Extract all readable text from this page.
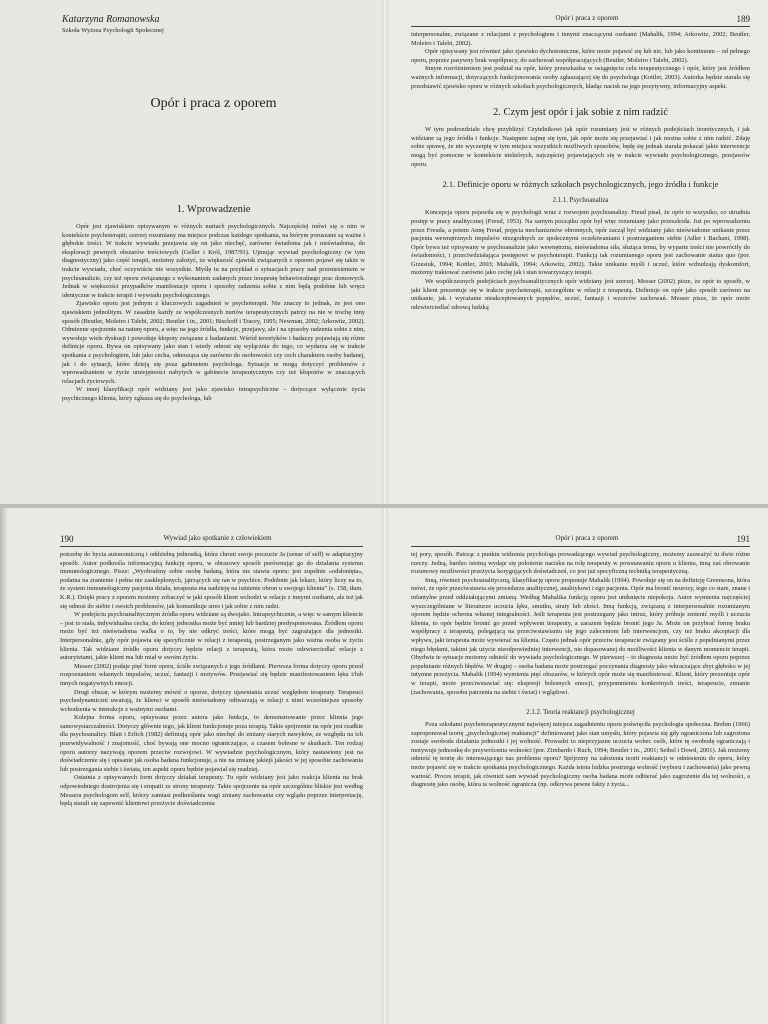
Katarzyna Romanowska
Szkoła Wyższa Psychologii Społecznej
Opór i praca z oporem
1. Wprowadzenie

Opór jest zjawiskiem opisywanym w różnych nurtach psychologicznych. Najczęściej mówi się o nim w kontekście psychoterapii; szerzej rozumiany ma miejsce podczas każdego spotkania, na którym poruszane są ważne i głębokie treści. W trakcie wywiadu przejawia się on jako niechęć, zarówno świadoma jak i nieświadoma, do eksploracji pewnych obszarów treściowych (Geller i Król, 1987/91). Ujmując wywiad psychologiczny (w tym diagnostyczny) jako część terapii, możemy założyć, że większość zjawisk związanych z oporem pojawi się także w trakcie wywiadu, choć oczywiście nie wszystkie. Myślę tu na przykład o sytuacjach pracy nad przeniesieniem w psychoanalizie, czy też oporu związanego z wykonaniem zadanych przez terapeutę behawioralnego prac domowych. Jednak w większości przypadków manifestacje oporu i sposoby radzenia sobie z nim będą podobne lub wręcz identyczne w trakcie terapii i wywiadu psychologicznego.

Zjawisko oporu jest jednym z kluczowych zagadnień w psychoterapii. Nie znaczy to jednak, że jest ono zjawiskiem jednolitym. W zasadzie każdy ze współczesnych nurtów terapeutycznych patrzy na nie w trochę inny sposób (Beutler, Moleiro i Talebi, 2002; Beutler i in., 2001; Bischoff i Tracey, 1995; Newman, 2002; Arkowitz, 2002). Odmienne spojrzenie na naturę oporu, a więc na jego źródła, funkcje, przejawy, ale i na sposoby radzenia sobie z nim, wywołuje wiele dyskusji i powoduje kłopoty związane z badaniami. Wśród teoretyków i badaczy pojawiają się różne definicje oporu. Bywa on opisywany jako stan i wtedy odnosi się wyłącznie do tego, co wydarza się w trakcie spotkania z psychologiem, lub jako cecha, odnosząca się zarówno do osobowości czy cech charakteru osoby badanej, jak i do sytuacji, które dzieją się poza gabinetem psychologa. Sytuacje te mogą dotyczyć problemów z wprowadzaniem w życie umiejętności nabytych w gabinecie terapeutycznym czy też kłopotów w znaczących relacjach życiowych.

W innej klasyfikacji opór widziany jest jako zjawisko intrapsychiczne – dotyczące wyłącznie życia psychicznego klienta, który zgłasza się do psychologa, lub

Opór i praca z oporem	189

interpersonalne, związane z relacjami z psychologiem i innymi znaczącymi osobami (Mahalik, 1994; Arkowitz, 2002; Beutler, Moleiro i Talebi, 2002).

Opór opisywany jest również jako zjawisko dychotomiczne, które może pojawić się lub nie, lub jako kontinuum – od pełnego oporu, poprzez pasywny brak współpracy, do zachowań współpracujących (Beutler, Moleiro i Talebi, 2002).

Innym rozróżnieniem jest podział na opór, który przeszkadza w osiągnięciu celu terapeutycznego i opór, który jest źródłem ważnych informacji, dotyczących funkcjonowania osoby zgłaszającej się do psychologa (Kottler, 2003). Autorka będzie starała się przedstawić zjawisko oporu w różnych szkołach psychologicznych, kładąc nacisk na jego pozytywny, informacyjny aspekt.

2. Czym jest opór i jak sobie z nim radzić

W tym podrozdziale chcę przybliżyć Czytelnikowi jak opór rozumiany jest w różnych podejściach teoretycznych, i jak widziane są jego źródła i funkcje. Następnie zajmę się tym, jak opór może się przejawiać i jak można sobie z nim radzić. Zdaję sobie sprawę, że nie wyczerpię w tym miejscu wszystkich możliwych sposobów, będę się jednak starała pokazać jakie interwencje mogą być pomocne w kontekście niektórych, najczęściej pojawiających się w trakcie wywiadu psychologicznego, przejawów oporu.

2.1. Definicje oporu w różnych szkołach psychologicznych, jego źródła i funkcje
2.1.1. Psychoanaliza

Koncepcja oporu pojawiła się w psychologii wraz z rozwojem psychoanalizy. Freud pisał, że opór to wszystko, co utrudnia postęp w pracy analitycznej (Freud, 1953). Na samym początku opór był więc rozumiany jako przeszkoda. Już po wprowadzeniu przez Freuda, a potem Annę Freud, pojęcia mechanizmów obronnych, opór zaczął być widziany jako nieświadome unikanie przez pacjenta wewnętrznych impulsów niezgodnych ze społecznymi oczekiwaniami i postrzeganiem siebie (Adler i Bachant, 1998). Opór bywa też opisywany w psychoanalizie jako wewnętrzna, nieświadoma siła, służąca temu, by wyparte treści nie powróciły do świadomości, i przeciwdziałająca postępowi w psychoterapii. Funkcją tak rozumianego oporu jest zachowanie status quo (por. Grzesiuk, 1994; Kottler, 2003; Mahalik, 1994; Arkowitz, 2002). Takie unikanie myśli i uczuć, które wzbudzają dyskomfort, możemy traktować zarówno jako cechę jak i stan towarzyszący terapii.

We współczesnych podejściach psychoanalitycznych opór widziany jest szerzej. Messer (2002) pisze, że opór to sposób, w jaki klient prezentuje się w trakcie psychoterapii, szczególnie w relacji z terapeutą. Definiuje on opór jako sposób zarówno na unikanie, jak i wyrażanie nieakceptowanych popędów, uczuć, fantazji i wzorców zachowań. Messer pisze, że opór może odzwierciedlać zdrową ludzką

190	Wywiad jako spotkanie z człowiekiem

potrzebę do bycia autonomiczną i oddzielną jednostką, która chroni swoje poczucie Ja (sense of self) w adaptacyjny sposób. Autor podkreśla informacyjną funkcję oporu, w obrazowy sposób porównując go do działania systemu immunologicznego. Pisze: „Wyobraźmy sobie osobę badaną, która nie stawia oporu: jest zupełnie «odsłonięta», podatna na zranienie i pełna nie zaskleplonych, jątrzących się ran w psychice. Podobnie jak lekarz, który liczy na to, że system immunologiczny pacjenta działa, terapeuta ma nadzieję na istnienie obron u swojego klienta” (s. 158, tłum. K.R.). Dzięki pracy z oporem możemy zobaczyć w jaki sposób klient wchodzi w relacje z innymi osobami, ale też jak się odnosi do siebie i swoich problemów, jak komunikuje stres i jak sobie z nim radzi.

W podejściu psychoanalitycznym źródła oporu widziane są dwojako. Intrapsychicznie, a więc w samym kliencie – jest to stała, indywidualna cecha, do której jednostka może być mniej lub bardziej predysponowana. Źródłem oporu może być też nieświadoma walka o to, by nie odkryć treści, które mogą być zagrażające dla jednostki. Interpersonalnie, gdy opór pojawia się specyficznie w relacji z terapeutą, postrzeganym jako ważna osoba w życiu klienta. Tak widziane źródło oporu dotyczy będzie relacji z terapeutą, która może odzwierciedlać relacje z autorytetami, jakie klient ma lub miał w swoim życiu.

Messer (2002) podaje pięć form oporu, ściśle związanych z jego źródłami. Pierwsza forma dotyczy oporu przed rozpoznaniem własnych impulsów, uczuć, fantazji i motywów. Przejawiać się będzie manifestowaniem lęku i/lub innych negatywnych emocji.

Drugi obszar, w którym możemy mówić o oporze, dotyczy ujawniania uczuć względem terapeuty. Terapeuci psychodynamiczni uważają, że klienci w sposób nieświadomy odtwarzają w relacji z nimi wcześniejsze sposoby wchodzenia w interakcje z ważnymi osobami.

Kolejna forma oporu, opisywana przez autora jako funkcja, to demonstrowanie przez klienta jego samowystarczalności. Dotyczy głównie tego, jak klient funkcjonuje poza terapią. Takie spojrzenie na opór jest rzadkie dla psychoanalizy. Blatt i Erlich (1982) definiują opór jako niechęć do zmiany starych nawyków, ze względu na ich przewidywalność i znajomość, choć bywają one mocno ograniczające, a czasem bolesne w skutkach. Ten rodzaj oporu autorzy nazywają oporem przeciw rozwojowi. W wywiadzie psychologicznym, który nastawiony jest na doświadczenie się i opisanie jak osoba badana funkcjonuje, a nie na zmianę jakiejś jakości w jej sposobie zachowania lub postrzegania siebie i świata, ten aspekt oporu będzie pojawiał się rzadziej.

Ostatnia z opisywanych form dotyczy działań terapeuty. Tu opór widziany jest jako reakcja klienta na brak odpowiedniego dostrojenia się i empatii ze strony terapeuty. Takie spojrzenie na opór szczególnie bliskie jest według Messera psychologom self, którzy zamiast podkreślania wagi zmiany zachowania czy wglądu poprzez interpretację, będą starali się zapewnić klientowi przeżycie doświadczenia

Opór i praca z oporem	191

tej pory, sposób. Patrząc z punktu widzenia psychologa prowadzącego wywiad psychologiczny, możemy zauważyć tu dwie różne rzeczy. Jedną, bardzo istotną wydaje się położenie nacisku na rolę terapeuty w powstawaniu oporu u klienta, inną zaś obrowanie rozumowy możliwości przeżycia korygujących doświadczeń, co jest już specyficzną techniką terapeutyczną.

Inną, również psychoanalityczną, klasyfikację oporu proponuje Mahalik (1994). Powołuje się on na definicję Greensona, która mówi, że opór przeciwstawia się procedurze analitycznej, analitykowi i ego pacjenta. Opór ma bronić neurozy, tego co stare, znane i infantylne przed oddziałującymi zmianą. Według Mahalika funkcją oporu jest uniknięcie niepokoju. Autor wymienia najczęściej wyszczególniane w literaturze uczucia lęku, smutku, straty lub złości. Inną funkcją, związaną z interpersonalnie rozumianym oporem będzie ochrona własnej integralności. Jeśli terapeuta jest postrzegany jako intruz, który próbuje zmienić myśli i uczucia klienta, to opór będzie bronić go przed wpływem terapeuty, a zarazem będzie bronić jego Ja. Może on przybrać formę braku współpracy z terapeutą, polegającą na przeciwstawianiu się jego zaleceniom lub interwencjom, czy też braku akceptacji dla wpływu, jaki terapeuta może wywierać na klienta. Często jednak opór przeciw terapeucie związany jest ściśle z popełnianymi przez niego błędami, takimi jak użycie nieodpowiedniej interwencji, nie dopasowanej do możliwości klienta w danym momencie terapii. Obydwie te sytuacje możemy odnieść do wywiadu psychologicznego. W pierwszej – to diagnosta może być źródłem oporu poprzez popełnianie różnych błędów. W drugiej – osoba badana może postrzegać poczynania diagnosty jako wkraczające zbyt głęboko w jej intymne przeżycia. Mahalik (1994) wymienia pięć obszarów, w których opór może się manifestować. Klient, który prezentuje opór w terapii, może przeciwstawiać się: ekspresji bolesnych emocji, przypomnieniu konkretnych treści, terapeucie, zmianie (zachowania, sposobu patrzenia na siebie i świat) i wglądowi.

2.1.2. Teoria reaktancji psychologicznej

Poza szkołami psychoterapeutycznymi najwięcej miejsca zagadnieniu oporu poświęciła psychologia społeczna. Brehm (1966) zaproponował teorię „psychologicznej reaktancji” definiowanej jako stan umysłu, który pojawia się gdy ograniczona lub zagrożona zostaje swoboda działania jednostki i jej wolność. Prowadzi to nieprzyjazne uczucia wobec osób, które tę swobodę ograniczają i motywuje jednostkę do przywrócenia wolności (por. Zimbardo i Ruch, 1994; Beutler i in., 2001; Seibel i Dowd, 2001). Jak możemy odnieść tę teorię do interesującego nas problemu oporu? Spójrzmy na założenia teorii reaktancji w odniesieniu do oporu, który może pojawić się w trakcie spotkania psychologicznego. Każda istota ludzka postrzega wolność (wyboru i zachowania) jako pewną wartość. Proces terapii, jak również sam wywiad psychologiczny osoba badana może odbierać jako zagrożenie dla tej wolności, a diagnostę jako osobę, która ta wolność ogranicza (np. odkrywa pewne fakty z życia...
